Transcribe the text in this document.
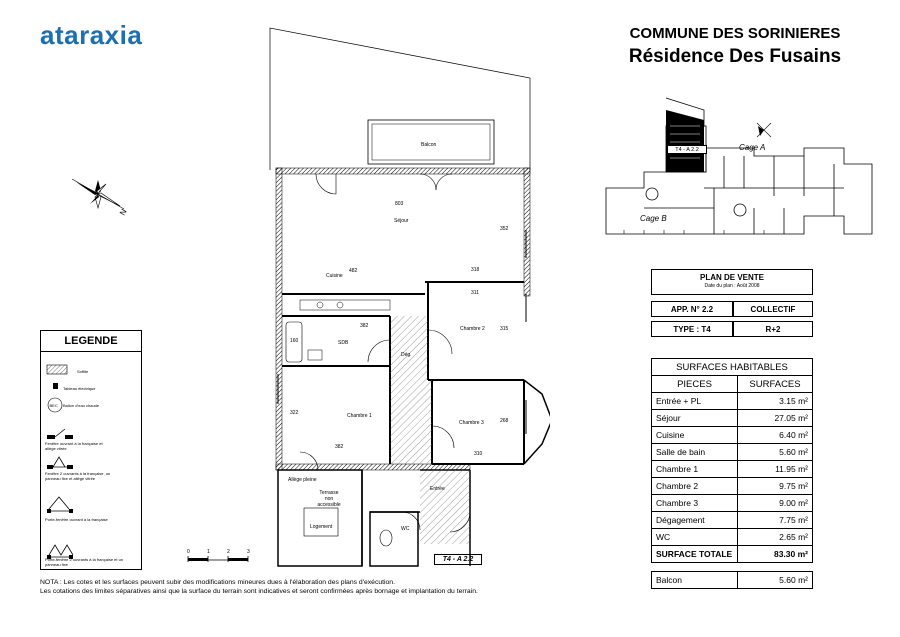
ataraxia	COMMUNE DES SORINIERES
Résidence Des Fusains
N
T4 - A 2.2	Cage A
Cage B
PLAN DE VENTE
Date du plan : Août 2008
APP. N° 2.2	COLLECTIF
TYPE : T4	R+2
SURFACES HABITABLES	
PIECES	SURFACES
Entrée + PL	3.15 m²
Séjour	27.05 m²
Cuisine	6.40 m²
Salle de bain	5.60 m²
Chambre 1	11.95 m²
Chambre 2	9.75 m²
Chambre 3	9.00 m²
Dégagement	7.75 m²
WC	2.65 m²
SURFACE TOTALE	83.30 m²
Balcon	5.60 m²
LEGENDE
BEC
Soffite
Tableau électrique
Ballon d'eau chaude
Fenêtre ouvrant à la française et allège vitrée
Fenêtre 2 ouvrants à la française, un panneau fixe et allège vitrée
Porte-fenêtre ouvrant à la française
Porte-fenêtre 2 ouvrants à la française et un panneau fixe
Balcon
Séjour
Cuisine
SDB
Chambre 2
Chambre 1
Chambre 3
Dég.
Entrée
WC
Allège pleine
Terrasse
non
accessible
Logement
803
482	318
311
352
382
382
315
310
268
322
160
T4 - A 2.2
0	1	2	3
NOTA : Les cotes et les surfaces peuvent subir des modifications mineures dues à l'élaboration des plans d'exécution.
Les cotations des limites séparatives ainsi que la surface du terrain sont indicatives et seront confirmées après bornage et implantation du terrain.
